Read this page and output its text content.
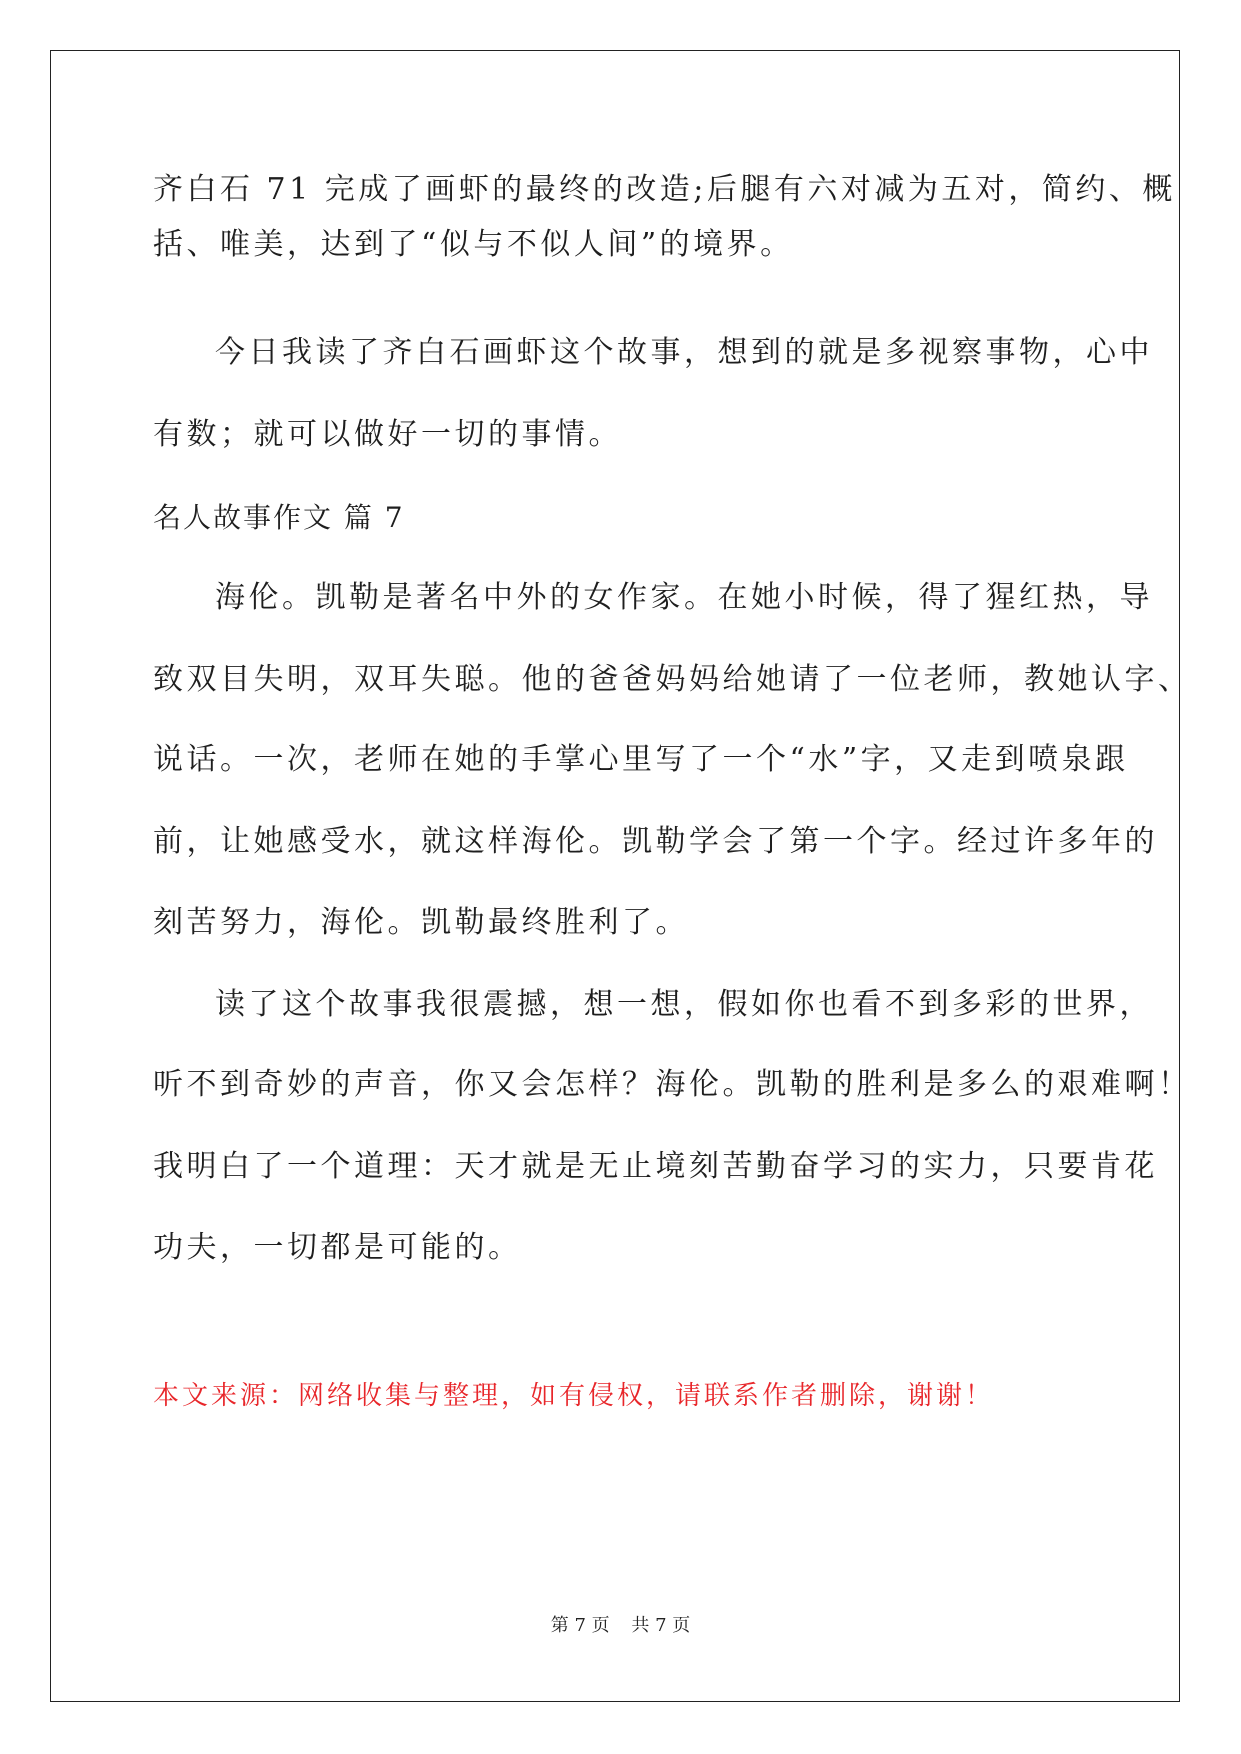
齐白石 71 完成了画虾的最终的改造;后腿有六对减为五对，简约、概

括、唯美，达到了“似与不似人间”的境界。

今日我读了齐白石画虾这个故事，想到的就是多视察事物，心中

有数；就可以做好一切的事情。

名人故事作文 篇 7

海伦。凯勒是著名中外的女作家。在她小时候，得了猩红热，导

致双目失明，双耳失聪。他的爸爸妈妈给她请了一位老师，教她认字、

说话。一次，老师在她的手掌心里写了一个“水”字，又走到喷泉跟

前，让她感受水，就这样海伦。凯勒学会了第一个字。经过许多年的

刻苦努力，海伦。凯勒最终胜利了。

读了这个故事我很震撼，想一想，假如你也看不到多彩的世界，

听不到奇妙的声音，你又会怎样？海伦。凯勒的胜利是多么的艰难啊！

我明白了一个道理：天才就是无止境刻苦勤奋学习的实力，只要肯花

功夫，一切都是可能的。

本文来源：网络收集与整理，如有侵权，请联系作者删除，谢谢！

第 7 页 共 7 页
